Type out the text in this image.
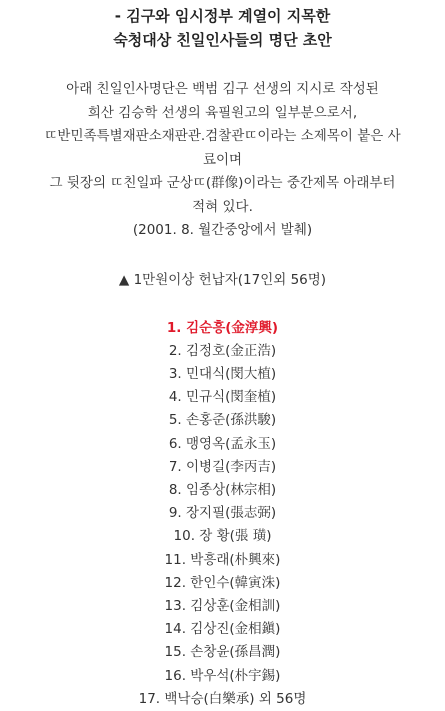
- 김구와 임시정부 계열이 지목한
숙청대상 친일인사들의 명단 초안
아래 친일인사명단은 백범 김구 선생의 지시로 작성된
희산 김승학 선생의 육필원고의 일부분으로서,
ㄸ반민족특별재판소재판관.검찰관ㄸ이라는 소제목이 붙은 사
료이며
그 뒷장의 ㄸ친일파 군상ㄸ(群像)이라는 중간제목 아래부터
적혀 있다.
(2001. 8. 월간중앙에서 발췌)
▲ 1만원이상 헌납자(17인외 56명)
1. 김순흥(金淳興)
2. 김정호(金正浩)
3. 민대식(閔大植)
4. 민규식(閔奎植)
5. 손홍준(孫洪駿)
6. 맹영옥(孟永玉)
7. 이병길(李丙吉)
8. 임종상(林宗相)
9. 장지필(張志弼)
10. 장 황(張 璜)
11. 박흥래(朴興來)
12. 한인수(韓寅洙)
13. 김상훈(金相訓)
14. 김상진(金相鎭)
15. 손창윤(孫昌潤)
16. 박우석(朴宇錫)
17. 백낙승(白樂承) 외 56명
